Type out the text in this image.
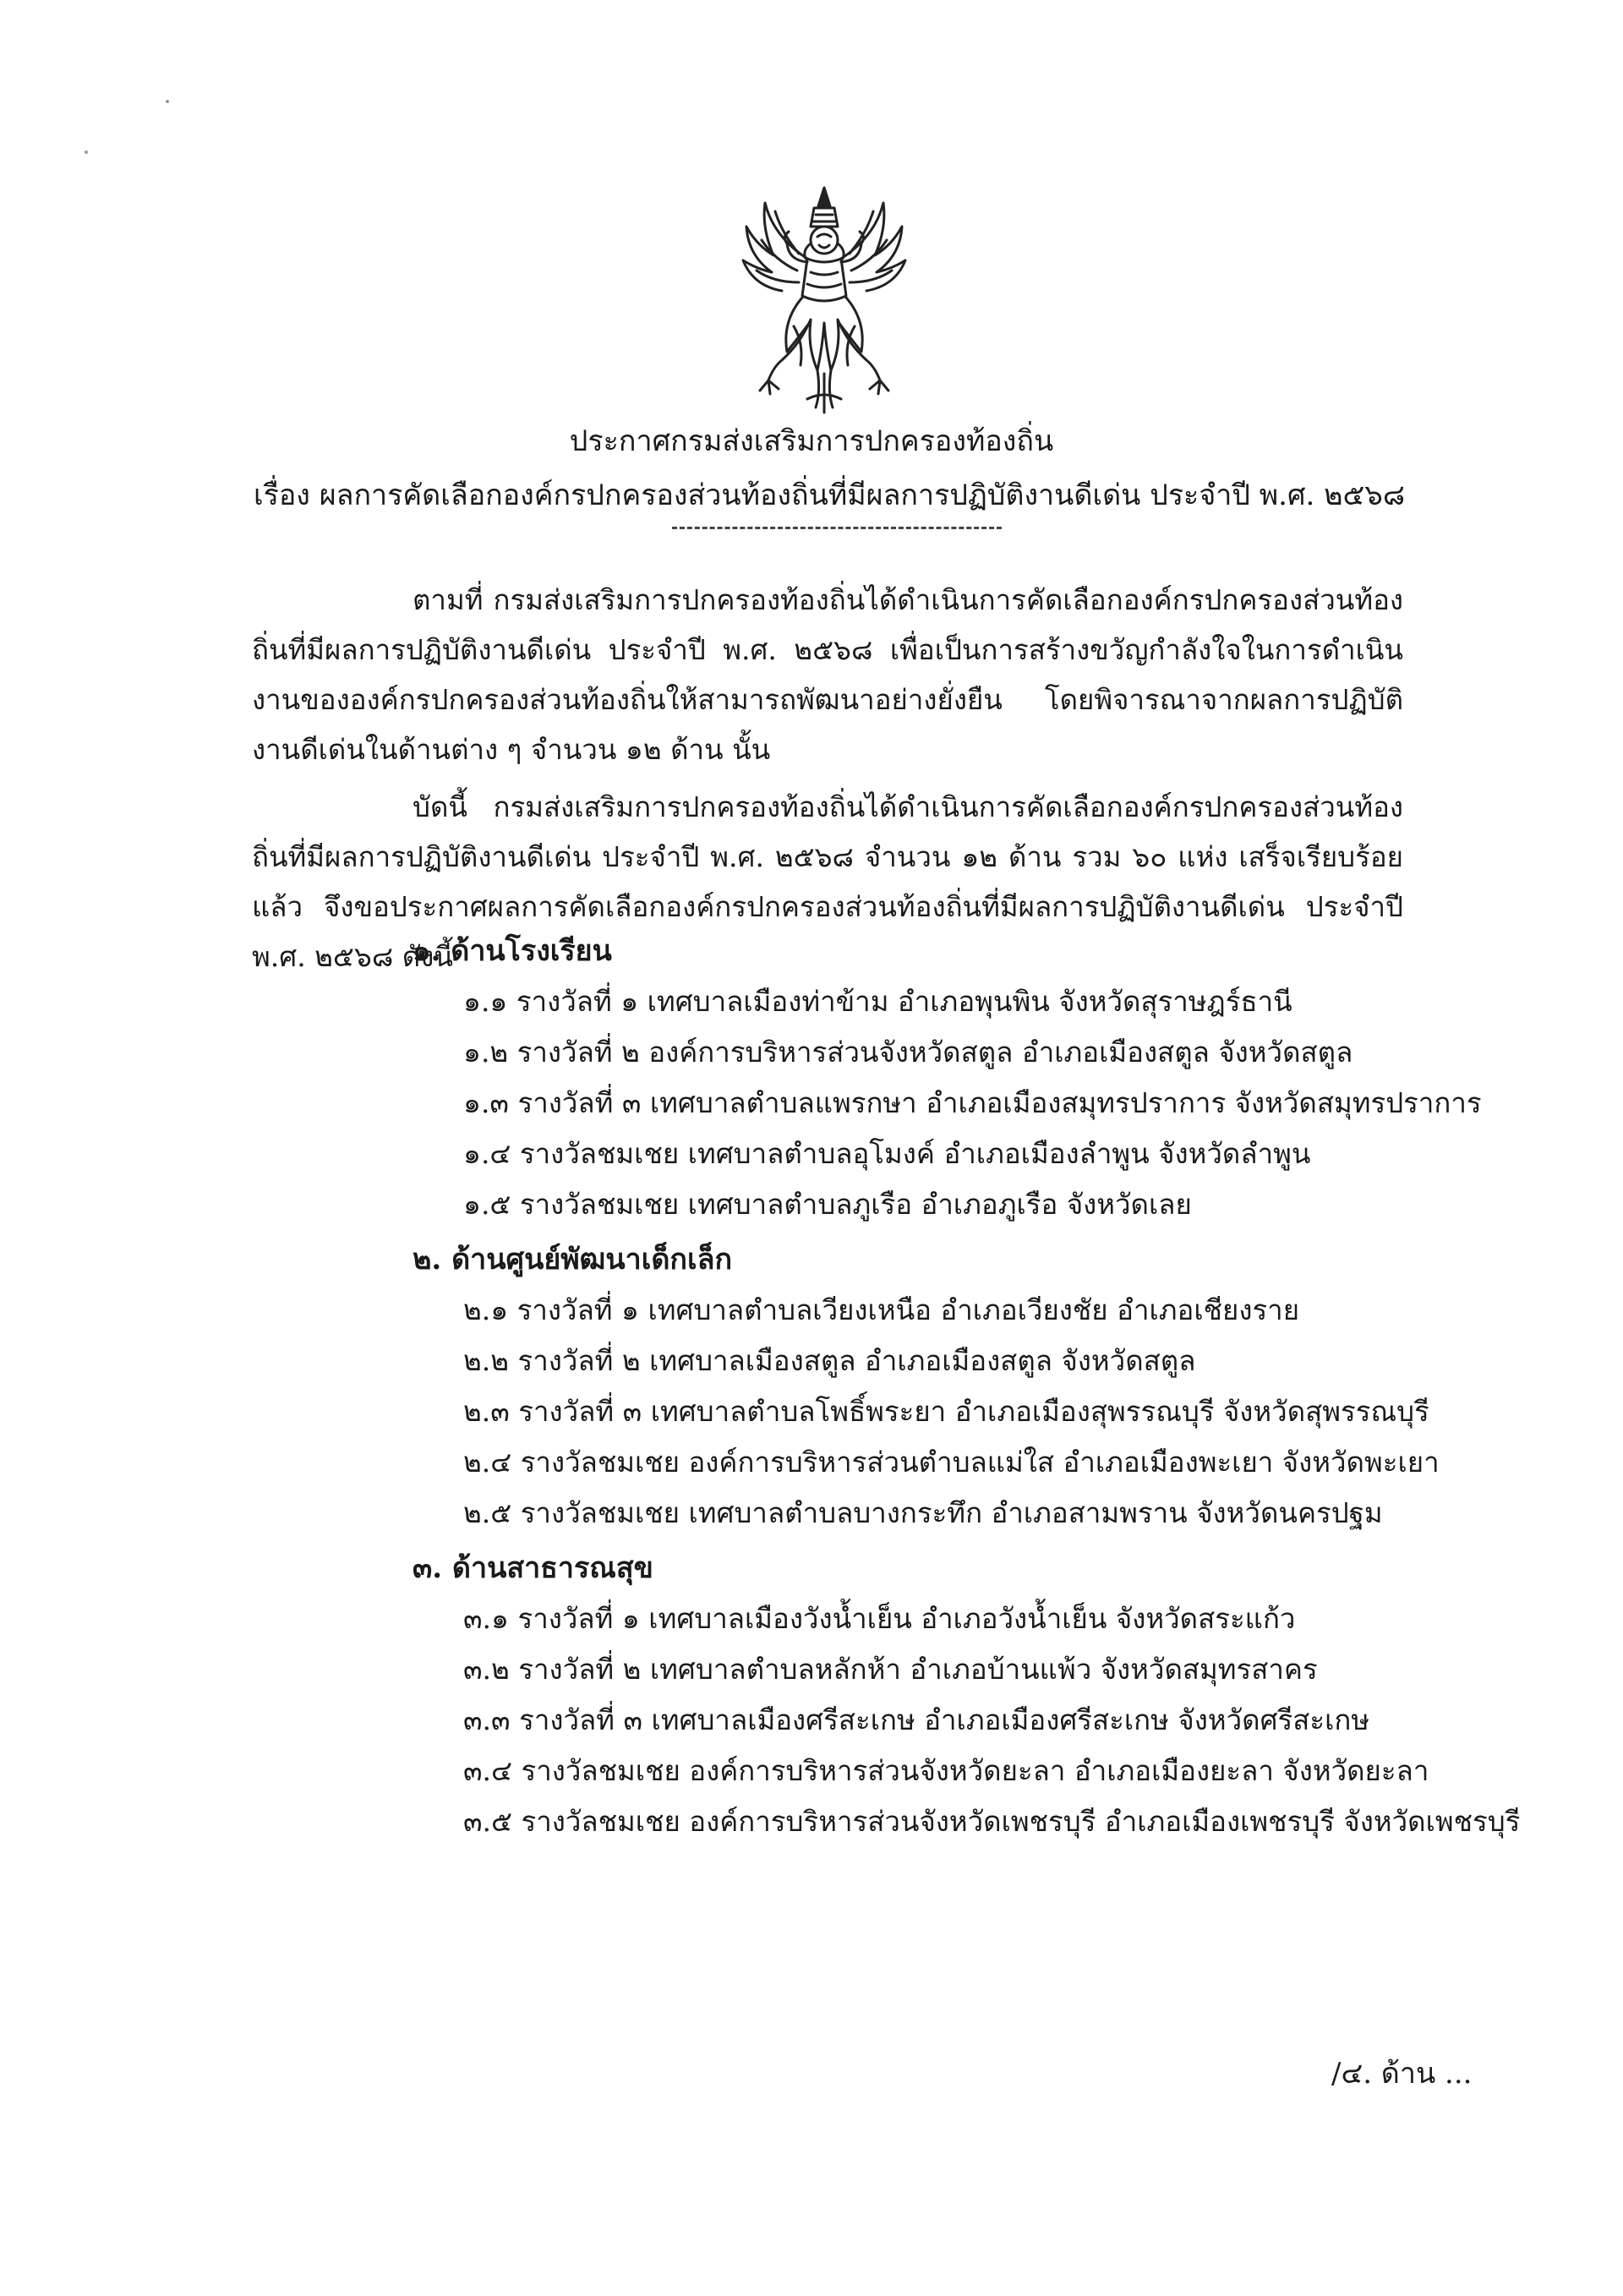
ประกาศกรมส่งเสริมการปกครองท้องถิ่น
เรื่อง ผลการคัดเลือกองค์กรปกครองส่วนท้องถิ่นที่มีผลการปฏิบัติงานดีเด่น ประจำปี พ.ศ. ๒๕๖๘
ตามที่ กรมส่งเสริมการปกครองท้องถิ่นได้ดำเนินการคัดเลือกองค์กรปกครองส่วนท้องถิ่นที่มีผลการปฏิบัติงานดีเด่น ประจำปี พ.ศ. ๒๕๖๘ เพื่อเป็นการสร้างขวัญกำลังใจในการดำเนินงานขององค์กรปกครองส่วนท้องถิ่นให้สามารถพัฒนาอย่างยั่งยืน โดยพิจารณาจากผลการปฏิบัติงานดีเด่นในด้านต่าง ๆ จำนวน ๑๒ ด้าน นั้น
บัดนี้ กรมส่งเสริมการปกครองท้องถิ่นได้ดำเนินการคัดเลือกองค์กรปกครองส่วนท้องถิ่นที่มีผลการปฏิบัติงานดีเด่น ประจำปี พ.ศ. ๒๕๖๘ จำนวน ๑๒ ด้าน รวม ๖๐ แห่ง เสร็จเรียบร้อยแล้ว จึงขอประกาศผลการคัดเลือกองค์กรปกครองส่วนท้องถิ่นที่มีผลการปฏิบัติงานดีเด่น ประจำปี พ.ศ. ๒๕๖๘ ดังนี้
๑. ด้านโรงเรียน
๑.๑ รางวัลที่ ๑ เทศบาลเมืองท่าข้าม อำเภอพุนพิน จังหวัดสุราษฎร์ธานี
๑.๒ รางวัลที่ ๒ องค์การบริหารส่วนจังหวัดสตูล อำเภอเมืองสตูล จังหวัดสตูล
๑.๓ รางวัลที่ ๓ เทศบาลตำบลแพรกษา อำเภอเมืองสมุทรปราการ จังหวัดสมุทรปราการ
๑.๔ รางวัลชมเชย เทศบาลตำบลอุโมงค์ อำเภอเมืองลำพูน จังหวัดลำพูน
๑.๕ รางวัลชมเชย เทศบาลตำบลภูเรือ อำเภอภูเรือ จังหวัดเลย
๒. ด้านศูนย์พัฒนาเด็กเล็ก
๒.๑ รางวัลที่ ๑ เทศบาลตำบลเวียงเหนือ อำเภอเวียงชัย อำเภอเชียงราย
๒.๒ รางวัลที่ ๒ เทศบาลเมืองสตูล อำเภอเมืองสตูล จังหวัดสตูล
๒.๓ รางวัลที่ ๓ เทศบาลตำบลโพธิ์พระยา อำเภอเมืองสุพรรณบุรี จังหวัดสุพรรณบุรี
๒.๔ รางวัลชมเชย องค์การบริหารส่วนตำบลแม่ใส อำเภอเมืองพะเยา จังหวัดพะเยา
๒.๕ รางวัลชมเชย เทศบาลตำบลบางกระทึก อำเภอสามพราน จังหวัดนครปฐม
๓. ด้านสาธารณสุข
๓.๑ รางวัลที่ ๑ เทศบาลเมืองวังน้ำเย็น อำเภอวังน้ำเย็น จังหวัดสระแก้ว
๓.๒ รางวัลที่ ๒ เทศบาลตำบลหลักห้า อำเภอบ้านแพ้ว จังหวัดสมุทรสาคร
๓.๓ รางวัลที่ ๓ เทศบาลเมืองศรีสะเกษ อำเภอเมืองศรีสะเกษ จังหวัดศรีสะเกษ
๓.๔ รางวัลชมเชย องค์การบริหารส่วนจังหวัดยะลา อำเภอเมืองยะลา จังหวัดยะลา
๓.๕ รางวัลชมเชย องค์การบริหารส่วนจังหวัดเพชรบุรี อำเภอเมืองเพชรบุรี จังหวัดเพชรบุรี
/๔. ด้าน ...
